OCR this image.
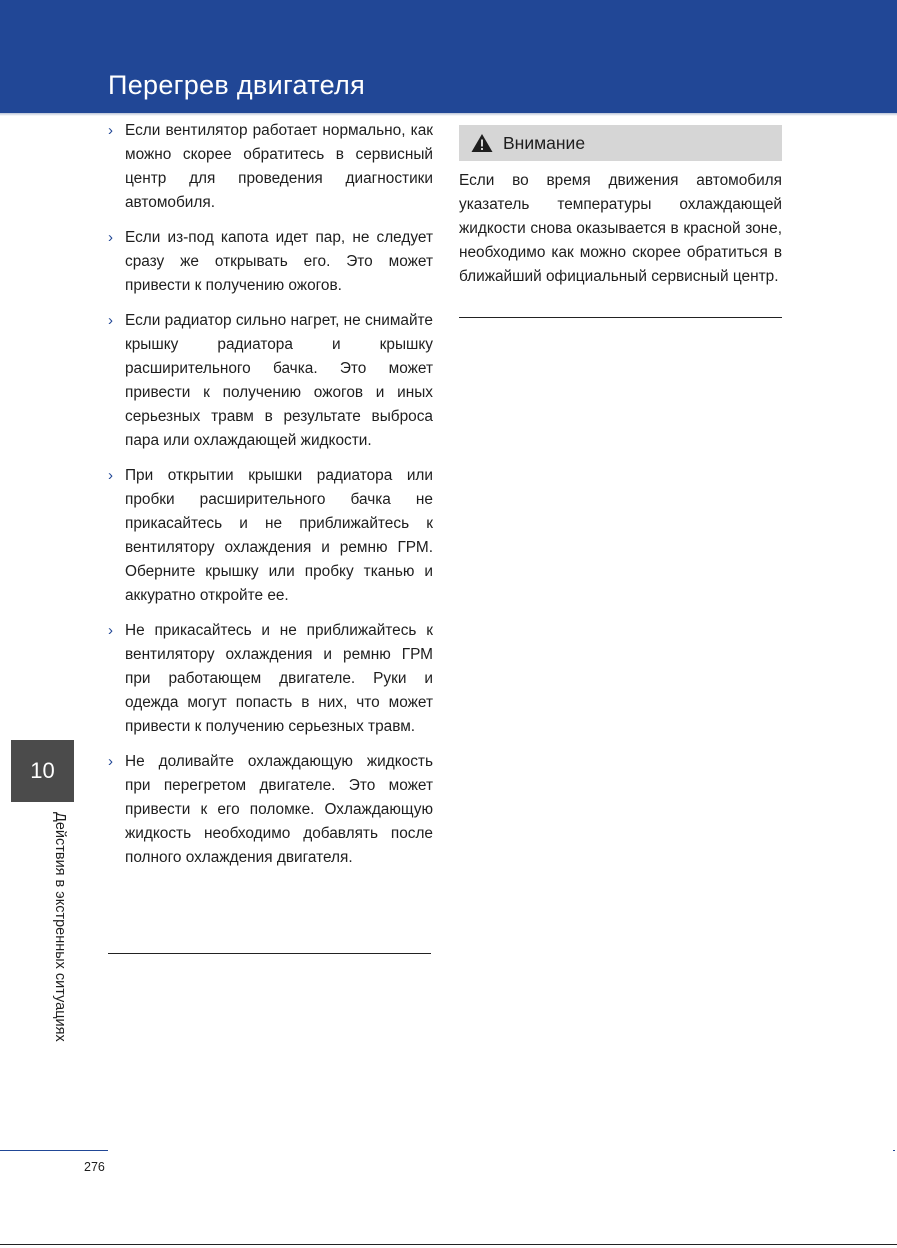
Перегрев двигателя
› Если вентилятор работает нормально, как можно скорее обратитесь в сервисный центр для проведения диагностики автомобиля.
› Если из-под капота идет пар, не следует сразу же открывать его. Это может привести к получению ожогов.
› Если радиатор сильно нагрет, не снимайте крышку радиатора и крышку расширительного бачка. Это может привести к получению ожогов и иных серьезных травм в результате выброса пара или охлаждающей жидкости.
› При открытии крышки радиатора или пробки расширительного бачка не прикасайтесь и не приближайтесь к вентилятору охлаждения и ремню ГРМ. Оберните крышку или пробку тканью и аккуратно откройте ее.
› Не прикасайтесь и не приближайтесь к вентилятору охлаждения и ремню ГРМ при работающем двигателе. Руки и одежда могут попасть в них, что может привести к получению серьезных травм.
› Не доливайте охлаждающую жидкость при перегретом двигателе. Это может привести к его поломке. Охлаждающую жидкость необходимо добавлять после полного охлаждения двигателя.
Внимание
Если во время движения автомобиля указатель температуры охлаждающей жидкости снова оказывается в красной зоне, необходимо как можно скорее обратиться в ближайший официальный сервисный центр.
10
Действия в экстренных ситуациях
276
